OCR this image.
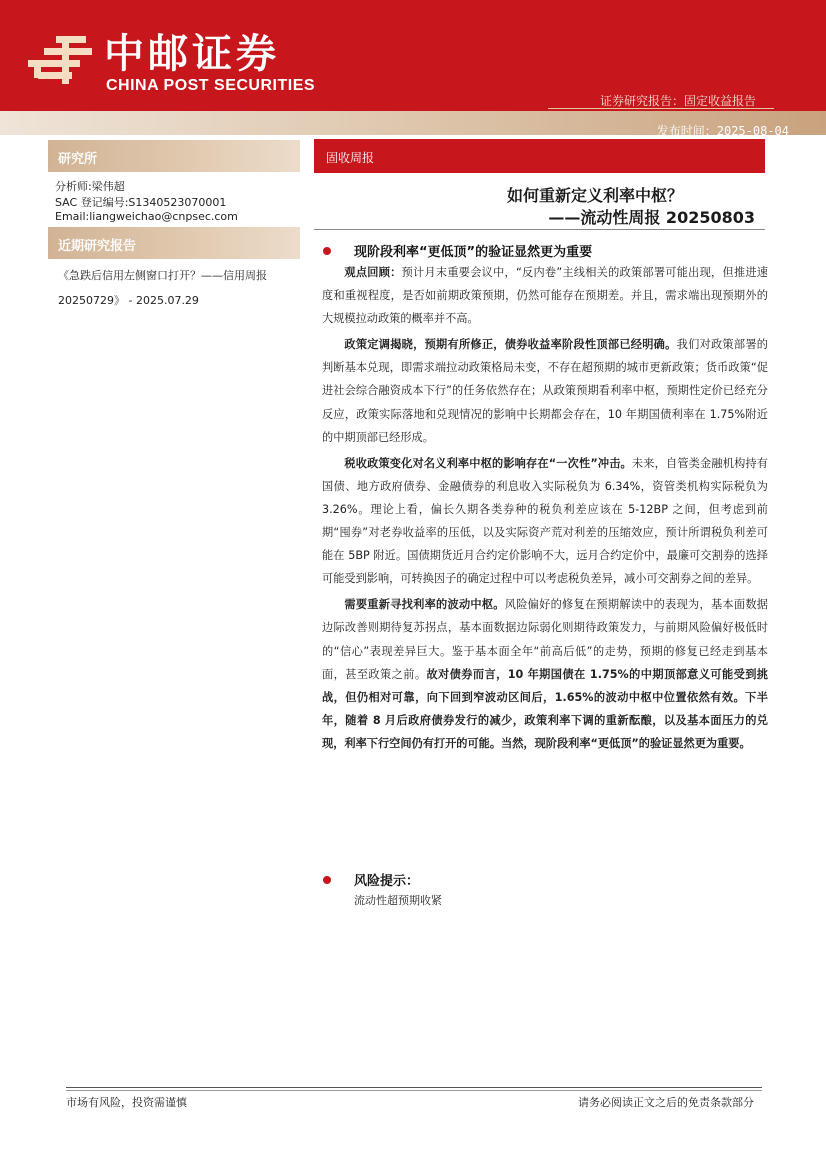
中邮证券
CHINA POST SECURITIES
证券研究报告：固定收益报告
发布时间：2025-08-04
研究所
分析师:梁伟超
SAC 登记编号:S1340523070001
Email:liangweichao@cnpsec.com
近期研究报告
《急跌后信用左侧窗口打开？——信用周报 20250729》 - 2025.07.29
固收周报
如何重新定义利率中枢？
——流动性周报 20250803
现阶段利率“更低顶”的验证显然更为重要

观点回顾：预计月末重要会议中，“反内卷”主线相关的政策部署可能出现，但推进速度和重视程度，是否如前期政策预期，仍然可能存在预期差。并且，需求端出现预期外的大规模拉动政策的概率并不高。

政策定调揭晓，预期有所修正，债券收益率阶段性顶部已经明确。我们对政策部署的判断基本兑现，即需求端拉动政策格局未变，不存在超预期的城市更新政策；货币政策“促进社会综合融资成本下行”的任务依然存在；从政策预期看利率中枢，预期性定价已经充分反应，政策实际落地和兑现情况的影响中长期都会存在，10 年期国债利率在 1.75%附近的中期顶部已经形成。

税收政策变化对名义利率中枢的影响存在“一次性”冲击。未来，自管类金融机构持有国债、地方政府债券、金融债券的利息收入实际税负为 6.34%，资管类机构实际税负为 3.26%。理论上看，偏长久期各类券种的税负利差应该在 5-12BP 之间，但考虑到前期“囤券”对老券收益率的压低，以及实际资产荒对利差的压缩效应，预计所谓税负利差可能在 5BP 附近。国债期货近月合约定价影响不大，远月合约定价中，最廉可交割券的选择可能受到影响，可转换因子的确定过程中可以考虑税负差异，减小可交割券之间的差异。

需要重新寻找利率的波动中枢。风险偏好的修复在预期解读中的表现为，基本面数据边际改善则期待复苏拐点，基本面数据边际弱化则期待政策发力，与前期风险偏好极低时的“信心”表现差异巨大。鉴于基本面全年“前高后低”的走势，预期的修复已经走到基本面，甚至政策之前。故对债券而言，10 年期国债在 1.75%的中期顶部意义可能受到挑战，但仍相对可靠，向下回到窄波动区间后，1.65%的波动中枢中位置依然有效。下半年，随着 8 月后政府债券发行的减少，政策利率下调的重新酝酿，以及基本面压力的兑现，利率下行空间仍有打开的可能。当然，现阶段利率“更低顶”的验证显然更为重要。

风险提示：
流动性超预期收紧
市场有风险，投资需谨慎	请务必阅读正文之后的免责条款部分
